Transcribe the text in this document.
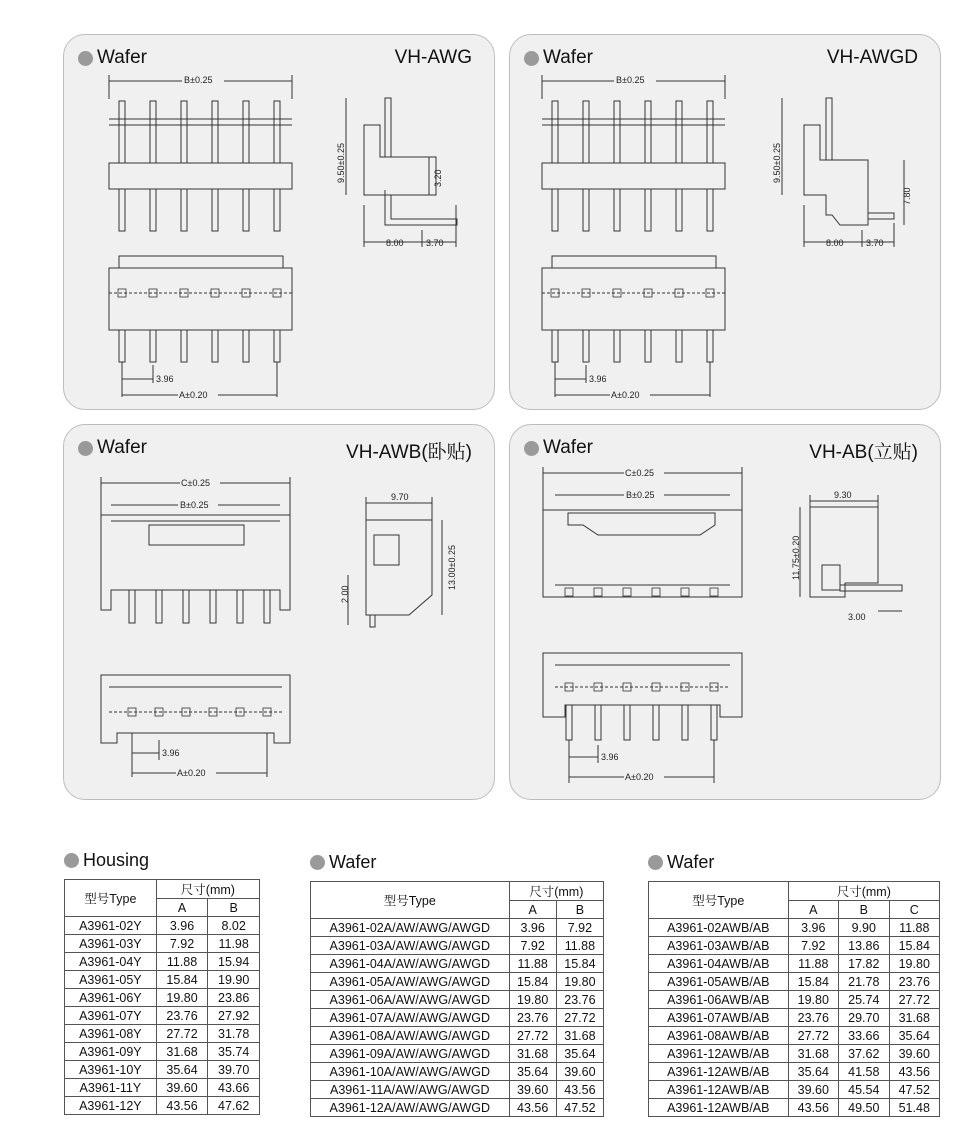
Wafer	VH-AWG
B±0.25
3.96
A±0.20
9.50±0.25	3.20
8.00 3.70
Wafer	VH-AWGD
B±0.25
3.96
A±0.20
9.50±0.25
7.80
8.00 3.70
Wafer	VH-AWB(卧贴)
C±0.25
B±0.25
3.96
A±0.20
9.70
13.00±0.25
2.00
Wafer	VH-AB(立贴)
C±0.25
B±0.25
3.96
A±0.20
9.30
11.75±0.20
3.00
Housing
型号Type	尺寸(mm)	
	A	B
A3961-02Y	3.96	8.02
A3961-03Y	7.92	11.98
A3961-04Y	11.88	15.94
A3961-05Y	15.84	19.90
A3961-06Y	19.80	23.86
A3961-07Y	23.76	27.92
A3961-08Y	27.72	31.78
A3961-09Y	31.68	35.74
A3961-10Y	35.64	39.70
A3961-11Y	39.60	43.66
A3961-12Y	43.56	47.62
Wafer
型号Type	尺寸(mm)	
	A	B
A3961-02A/AW/AWG/AWGD	3.96	7.92
A3961-03A/AW/AWG/AWGD	7.92	11.88
A3961-04A/AW/AWG/AWGD	11.88	15.84
A3961-05A/AW/AWG/AWGD	15.84	19.80
A3961-06A/AW/AWG/AWGD	19.80	23.76
A3961-07A/AW/AWG/AWGD	23.76	27.72
A3961-08A/AW/AWG/AWGD	27.72	31.68
A3961-09A/AW/AWG/AWGD	31.68	35.64
A3961-10A/AW/AWG/AWGD	35.64	39.60
A3961-11A/AW/AWG/AWGD	39.60	43.56
A3961-12A/AW/AWG/AWGD	43.56	47.52
Wafer
型号Type	尺寸(mm)		
	A	B	C
A3961-02AWB/AB	3.96	9.90	11.88
A3961-03AWB/AB	7.92	13.86	15.84
A3961-04AWB/AB	11.88	17.82	19.80
A3961-05AWB/AB	15.84	21.78	23.76
A3961-06AWB/AB	19.80	25.74	27.72
A3961-07AWB/AB	23.76	29.70	31.68
A3961-08AWB/AB	27.72	33.66	35.64
A3961-12AWB/AB	31.68	37.62	39.60
A3961-12AWB/AB	35.64	41.58	43.56
A3961-12AWB/AB	39.60	45.54	47.52
A3961-12AWB/AB	43.56	49.50	51.48
